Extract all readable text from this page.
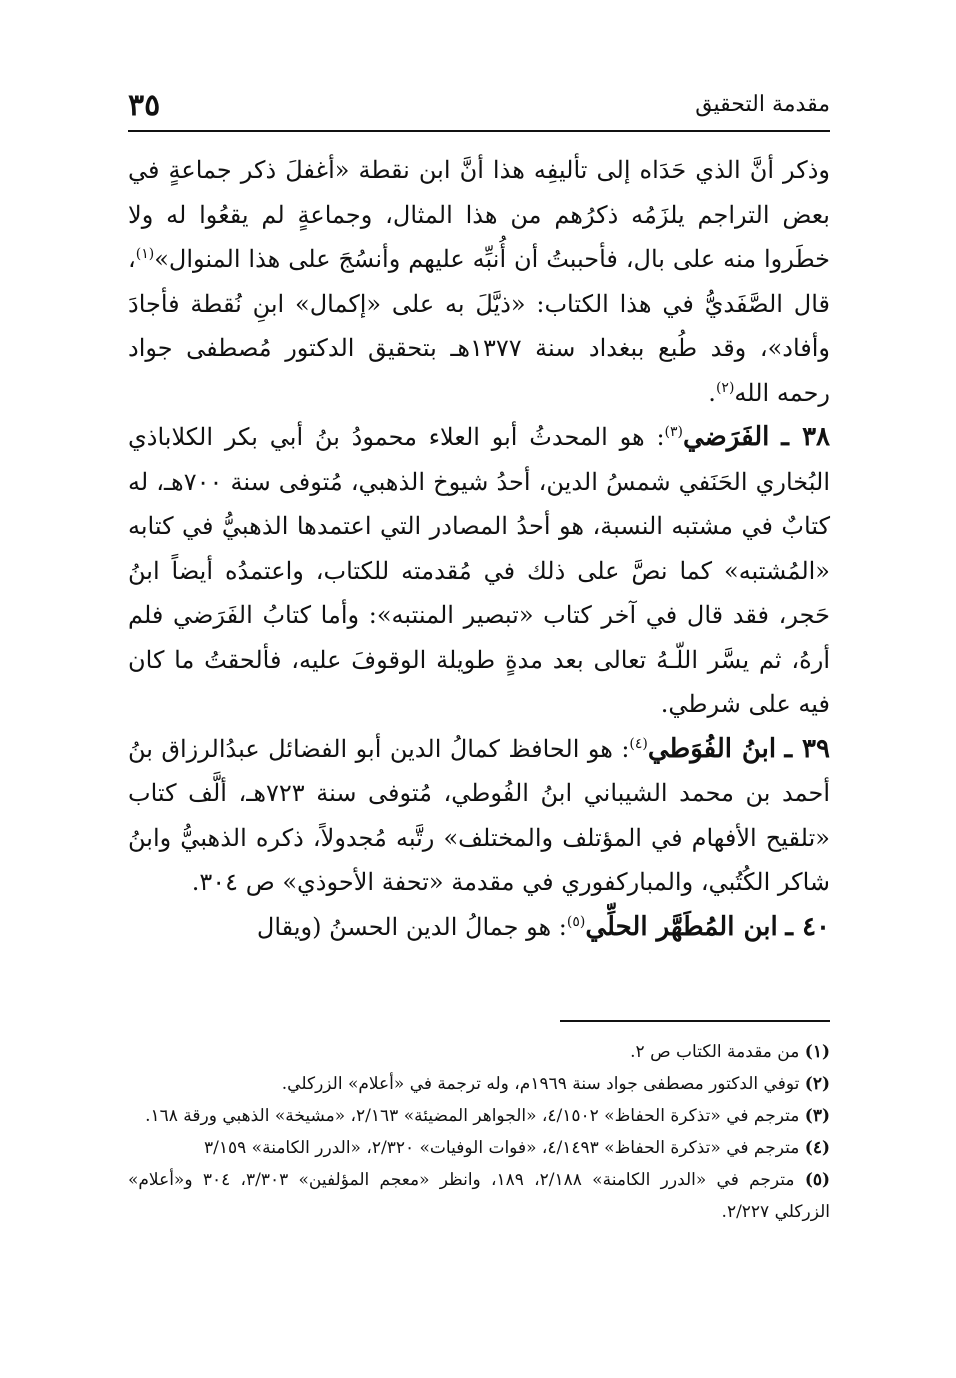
٣٥	مقدمة التحقيق

وذكر أنَّ الذي حَدَاه إلى تأليفِه هذا أنَّ ابن نقطة «أغفلَ ذكر جماعةٍ في بعض التراجم يلزَمُه ذكرُهم من هذا المثال، وجماعةٍ لم يقعُوا له ولا خطَروا منه على بال، فأحببتُ أن أُنبِّه عليهم وأنسُجَ على هذا المنوال»$^{(١)}$، قال الصَّفَديُّ في هذا الكتاب: «ذيَّلَ به على «إكمال» ابنِ نُقطة فأجادَ وأفاد»، وقد طُبع ببغداد سنة ١٣٧٧هـ بتحقيق الدكتور مُصطفى جواد رحمه الله$^{(٢)}$.

٣٨ ـ الفَرَضي$^{(٣)}$: هو المحدثُ أبو العلاء محمودُ بنُ أبي بكر الكلاباذي البُخاري الحَنَفي شمسُ الدين، أحدُ شيوخ الذهبي، مُتوفى سنة ٧٠٠هـ، له كتابٌ في مشتبه النسبة، هو أحدُ المصادر التي اعتمدها الذهبيُّ في كتابه «المُشتبه» كما نصَّ على ذلك في مُقدمته للكتاب، واعتمدُه أيضاً ابنُ حَجر، فقد قال في آخر كتاب «تبصير المنتبه»: وأما كتابُ الفَرَضي فلم أرهُ، ثم يسَّر اللّـهُ تعالى بعد مدةٍ طويلة الوقوفَ عليه، فألحقتُ ما كان فيه على شرطي.

٣٩ ـ ابنُ الفُوَطي$^{(٤)}$: هو الحافظ كمالُ الدين أبو الفضائل عبدُالرزاق بنُ أحمد بن محمد الشيباني ابنُ الفُوطي، مُتوفى سنة ٧٢٣هـ، ألَّف كتاب «تلقيح الأفهام في المؤتلف والمختلف» رتَّبه مُجدولاً، ذكره الذهبيُّ وابنُ شاكر الكُتُبي، والمباركفوري في مقدمة «تحفة الأحوذي» ص ٣٠٤.

٤٠ ـ ابن المُطَهَّر الحلِّي$^{(٥)}$: هو جمالُ الدين الحسنُ (ويقال

(١) من مقدمة الكتاب ص ٢.

(٢) توفي الدكتور مصطفى جواد سنة ١٩٦٩م، وله ترجمة في «أعلام» الزركلي.

(٣) مترجم في «تذكرة الحفاظ» ٤/١٥٠٢، «الجواهر المضيئة» ٢/١٦٣، «مشيخة» الذهبي ورقة ١٦٨.

(٤) مترجم في «تذكرة الحفاظ» ٤/١٤٩٣، «فوات الوفيات» ٢/٣٢٠، «الدرر الكامنة» ٣/١٥٩

(٥) مترجم في «الدرر الكامنة» ٢/١٨٨، ١٨٩، وانظر «معجم المؤلفين» ٣/٣٠٣، ٣٠٤ و«أعلام» الزركلي ٢/٢٢٧.
